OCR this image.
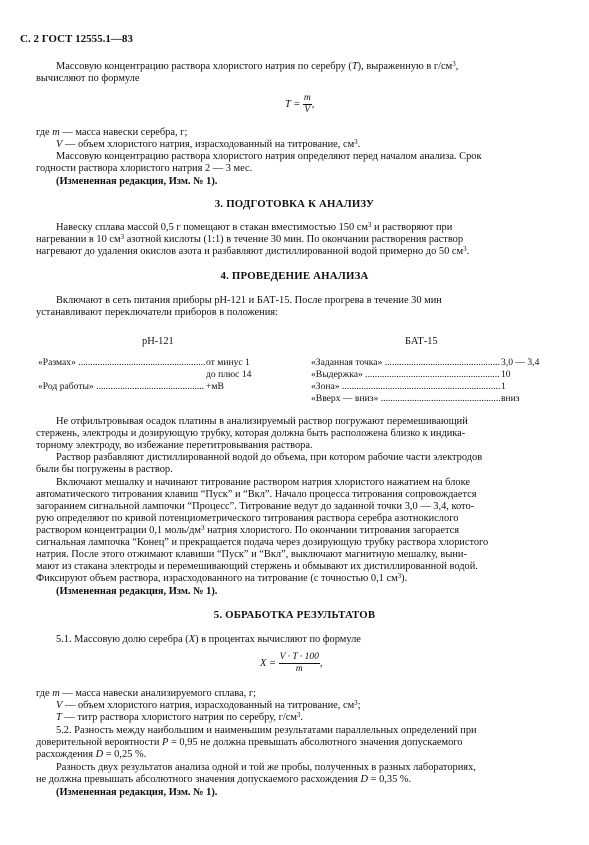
С. 2 ГОСТ 12555.1—83
Массовую концентрацию раствора хлористого натрия по серебру (T), выраженную в $г/см^3$,
вычисляют по формуле
$T = \frac{m}{V}$ ,
где m — масса навески серебра, г;
V — объем хлористого натрия, израсходованный на титрование, $см^3$.
Массовую концентрацию раствора хлористого натрия определяют перед началом анализа. Срок
годности раствора хлористого натрия 2 — 3 мес.
(Измененная редакция, Изм. № 1).
3. ПОДГОТОВКА К АНАЛИЗУ
Навеску сплава массой 0,5 г помещают в стакан вместимостью 150 $см^3$ и растворяют при
нагревании в 10 $см^3$ азотной кислоты (1:1) в течение 30 мин. По окончании растворения раствор
нагревают до удаления окислов азота и разбавляют дистиллированной водой примерно до 50 $см^3$.
4. ПРОВЕДЕНИЕ АНАЛИЗА
Включают в сеть питания приборы рН-121 и БАТ-15. После прогрева в течение 30 мин
устанавливают переключатели приборов в положения:
рН-121	БАТ-15
«Размах» .....	от минус 1
до плюс 14
«Род работы» .....	+мВ
«Заданная точка» .....	3,0 — 3,4
«Выдержка» .....	10
«Зона» .....	1
«Вверх — вниз» .....	вниз
Не отфильтровывая осадок платины в анализируемый раствор погружают перемешивающий
стержень, электроды и дозирующую трубку, которая должна быть расположена близко к индика-
торному электроду, во избежание перетитровывания раствора.
Раствор разбавляют дистиллированной водой до объема, при котором рабочие части электродов
были бы погружены в раствор.
Включают мешалку и начинают титрование раствором натрия хлористого нажатием на блоке
автоматического титрования клавиш “Пуск” и “Вкл”. Начало процесса титрования сопровождается
загоранием сигнальной лампочки “Процесс”. Титрование ведут до заданной точки 3,0 — 3,4, кото-
рую определяют по кривой потенциометрического титрования раствора серебра азотнокислого
раствором концентрации 0,1 моль/$дм^3$ натрия хлористого. По окончании титрования загорается
сигнальная лампочка “Конец” и прекращается подача через дозирующую трубку раствора хлористого
натрия. После этого отжимают клавиши “Пуск” и “Вкл”, выключают магнитную мешалку, выни-
мают из стакана электроды и перемешивающий стержень и обмывают их дистиллированной водой.
Фиксируют объем раствора, израсходованного на титрование (с точностью 0,1 $см^3$).
(Измененная редакция, Изм. № 1).
5. ОБРАБОТКА РЕЗУЛЬТАТОВ
5.1. Массовую долю серебра (X) в процентах вычисляют по формуле
$X = \frac{V \cdot T \cdot 100}{m}$ ,
где m — масса навески анализируемого сплава, г;
V — объем хлористого натрия, израсходованный на титрование, $см^3$;
T — титр раствора хлористого натрия по серебру, $г/см^3$.
5.2. Разность между наибольшим и наименьшим результатами параллельных определений при
доверительной вероятности P = 0,95 не должна превышать абсолютного значения допускаемого
расхождения D = 0,25 %.
Разность двух результатов анализа одной и той же пробы, полученных в разных лабораториях,
не должна превышать абсолютного значения допускаемого расхождения D = 0,35 %.
(Измененная редакция, Изм. № 1).
